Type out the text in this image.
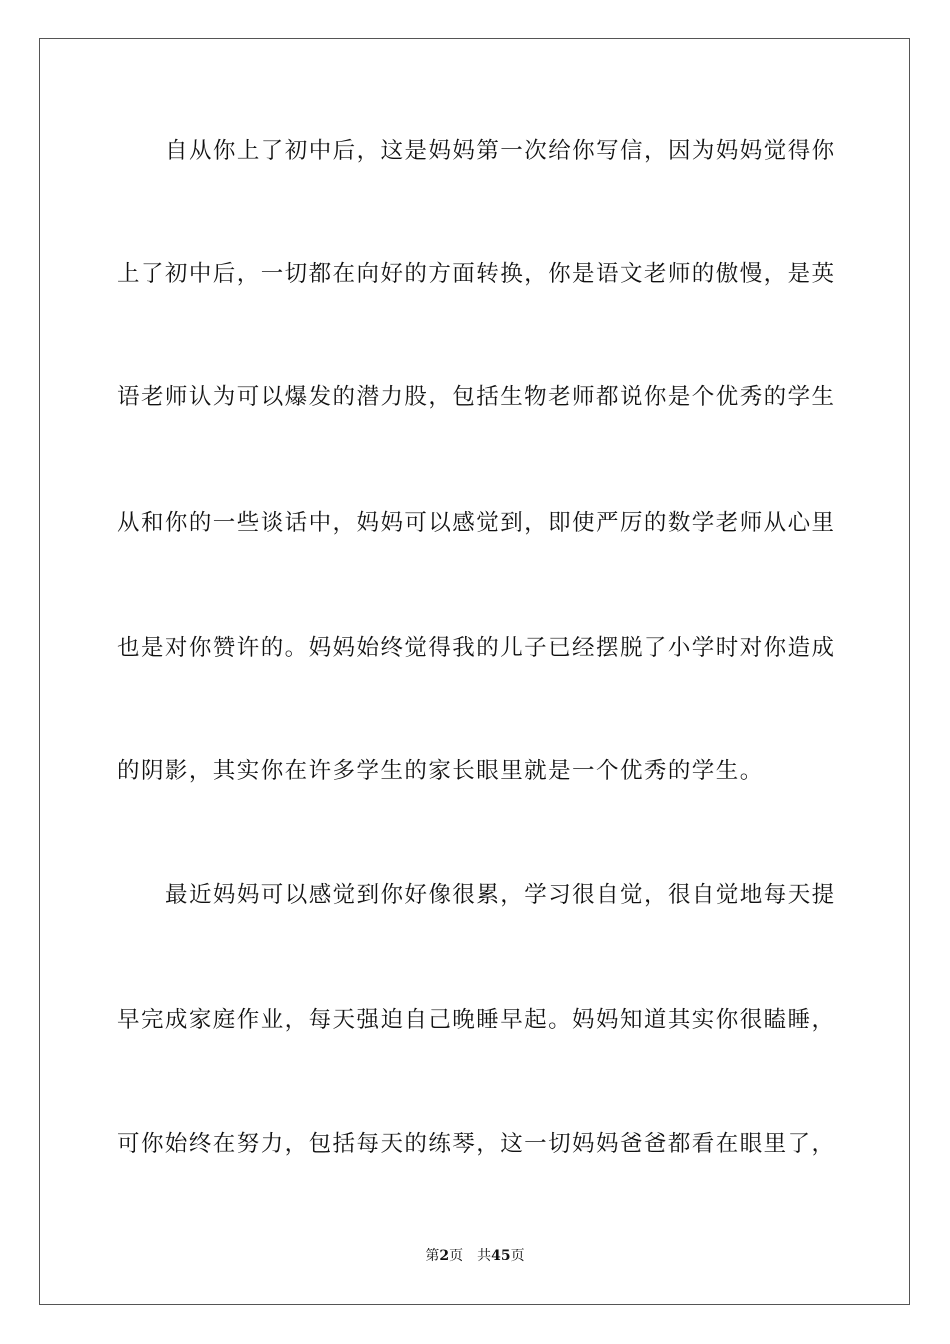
自从你上了初中后，这是妈妈第一次给你写信，因为妈妈觉得你
上了初中后，一切都在向好的方面转换，你是语文老师的傲慢，是英
语老师认为可以爆发的潜力股，包括生物老师都说你是个优秀的学生
从和你的一些谈话中，妈妈可以感觉到，即使严厉的数学老师从心里
也是对你赞许的。妈妈始终觉得我的儿子已经摆脱了小学时对你造成
的阴影，其实你在许多学生的家长眼里就是一个优秀的学生。
最近妈妈可以感觉到你好像很累，学习很自觉，很自觉地每天提
早完成家庭作业，每天强迫自己晚睡早起。妈妈知道其实你很瞌睡，
可你始终在努力，包括每天的练琴，这一切妈妈爸爸都看在眼里了，
第2页 共45页
